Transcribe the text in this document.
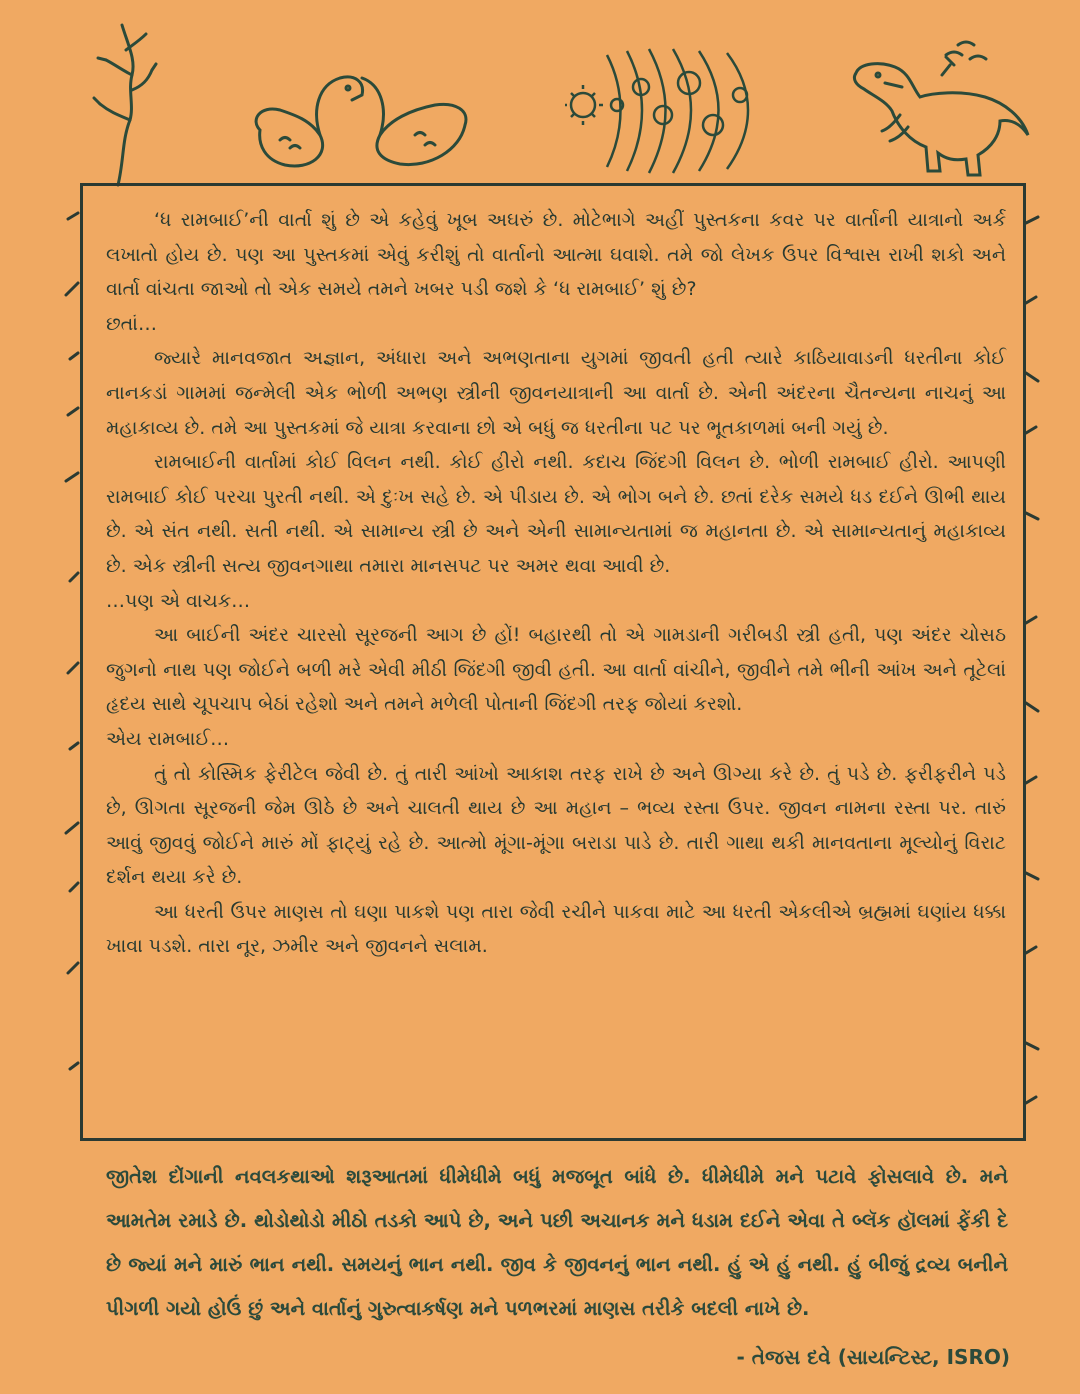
‘ધ રામબાઈ’ની વાર્તા શું છે એ કહેવું ખૂબ અઘરું છે. મોટેભાગે અહીં પુસ્તકના કવર પર વાર્તાની યાત્રાનો અર્ક લખાતો હોય છે. પણ આ પુસ્તકમાં એવું કરીશું તો વાર્તાનો આત્મા ઘવાશે. તમે જો લેખક ઉપર વિશ્વાસ રાખી શકો અને વાર્તા વાંચતા જાઓ તો એક સમયે તમને ખબર પડી જશે કે ‘ધ રામબાઈ’ શું છે?

છતાં…

જ્યારે માનવજાત અજ્ઞાન, અંધારા અને અભણતાના યુગમાં જીવતી હતી ત્યારે કાઠિયાવાડની ધરતીના કોઈ નાનકડાં ગામમાં જન્મેલી એક ભોળી અભણ સ્ત્રીની જીવનયાત્રાની આ વાર્તા છે. એની અંદરના ચૈતન્યના નાચનું આ મહાકાવ્ય છે. તમે આ પુસ્તકમાં જે યાત્રા કરવાના છો એ બધું જ ધરતીના પટ પર ભૂતકાળમાં બની ગયું છે.

રામબાઈની વાર્તામાં કોઈ વિલન નથી. કોઈ હીરો નથી. કદાચ જિંદગી વિલન છે. ભોળી રામબાઈ હીરો. આપણી રામબાઈ કોઈ પરચા પુરતી નથી. એ દુઃખ સહે છે. એ પીડાય છે. એ ભોગ બને છે. છતાં દરેક સમયે ધડ દઈને ઊભી થાય છે. એ સંત નથી. સતી નથી. એ સામાન્ય સ્ત્રી છે અને એની સામાન્યતામાં જ મહાનતા છે. એ સામાન્યતાનું મહાકાવ્ય છે. એક સ્ત્રીની સત્ય જીવનગાથા તમારા માનસપટ પર અમર થવા આવી છે.

…પણ એ વાચક…

આ બાઈની અંદર ચારસો સૂરજની આગ છે હોં! બહારથી તો એ ગામડાની ગરીબડી સ્ત્રી હતી, પણ અંદર ચોસઠ જુગનો નાથ પણ જોઈને બળી મરે એવી મીઠી જિંદગી જીવી હતી. આ વાર્તા વાંચીને, જીવીને તમે ભીની આંખ અને તૂટેલાં હૃદય સાથે ચૂપચાપ બેઠાં રહેશો અને તમને મળેલી પોતાની જિંદગી તરફ જોયાં કરશો.

એય રામબાઈ…

તું તો કોસ્મિક ફેરીટેલ જેવી છે. તું તારી આંખો આકાશ તરફ રાખે છે અને ઊગ્યા કરે છે. તું પડે છે. ફરીફરીને પડે છે, ઊગતા સૂરજની જેમ ઊઠે છે અને ચાલતી થાય છે આ મહાન – ભવ્ય રસ્તા ઉપર. જીવન નામના રસ્તા પર. તારું આવું જીવવું જોઈને મારું મોં ફાટ્યું રહે છે. આત્મો મૂંગા-મૂંગા બરાડા પાડે છે. તારી ગાથા થકી માનવતાના મૂલ્યોનું વિરાટ દર્શન થયા કરે છે.

આ ધરતી ઉપર માણસ તો ઘણા પાકશે પણ તારા જેવી રચીને પાકવા માટે આ ધરતી એકલીએ બ્રહ્મમાં ઘણાંય ધક્કા ખાવા પડશે. તારા નૂર, ઝમીર અને જીવનને સલામ.

જીતેશ દોંગાની નવલકથાઓ શરૂઆતમાં ધીમેધીમે બધું મજબૂત બાંધે છે. ધીમેધીમે મને પટાવે ફોસલાવે છે. મને આમતેમ રમાડે છે. થોડોથોડો મીઠો તડકો આપે છે, અને પછી અચાનક મને ધડામ દઈને એવા તે બ્લૅક હૉલમાં ફેંકી દે છે જ્યાં મને મારું ભાન નથી. સમયનું ભાન નથી. જીવ કે જીવનનું ભાન નથી. હું એ હું નથી. હું બીજું દ્રવ્ય બનીને પીગળી ગયો હોઉં છું અને વાર્તાનું ગુરુત્વાકર્ષણ મને પળભરમાં માણસ તરીકે બદલી નાખે છે.

- તેજસ દવે (સાયન્ટિસ્ટ, ISRO)
